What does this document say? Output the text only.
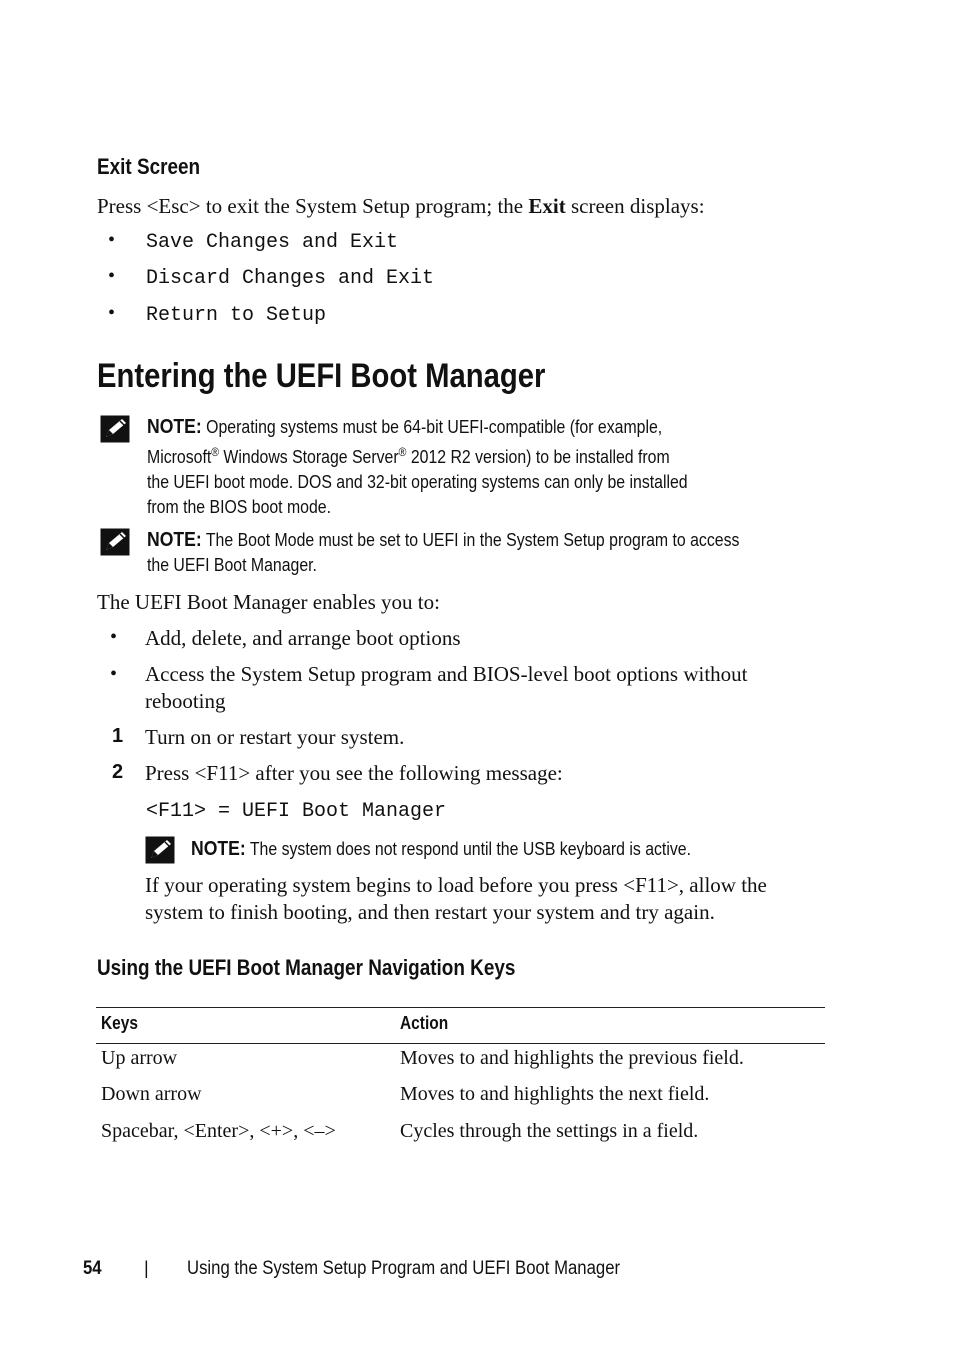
Exit Screen
Press <Esc> to exit the System Setup program; the Exit screen displays:
• Save Changes and Exit
• Discard Changes and Exit
• Return to Setup
Entering the UEFI Boot Manager
NOTE: Operating systems must be 64-bit UEFI-compatible (for example,
Microsoft® Windows Storage Server® 2012 R2 version) to be installed from
the UEFI boot mode. DOS and 32-bit operating systems can only be installed
from the BIOS boot mode.
NOTE: The Boot Mode must be set to UEFI in the System Setup program to access
the UEFI Boot Manager.
The UEFI Boot Manager enables you to:
• Add, delete, and arrange boot options
• Access the System Setup program and BIOS-level boot options without
rebooting
1 Turn on or restart your system.
2 Press <F11> after you see the following message:
<F11> = UEFI Boot Manager
NOTE: The system does not respond until the USB keyboard is active.
If your operating system begins to load before you press <F11>, allow the
system to finish booting, and then restart your system and try again.
Using the UEFI Boot Manager Navigation Keys
Keys	Action
Up arrow	Moves to and highlights the previous field.
Down arrow	Moves to and highlights the next field.
Spacebar, <Enter>, <+>, <–>	Cycles through the settings in a field.
54 | Using the System Setup Program and UEFI Boot Manager
